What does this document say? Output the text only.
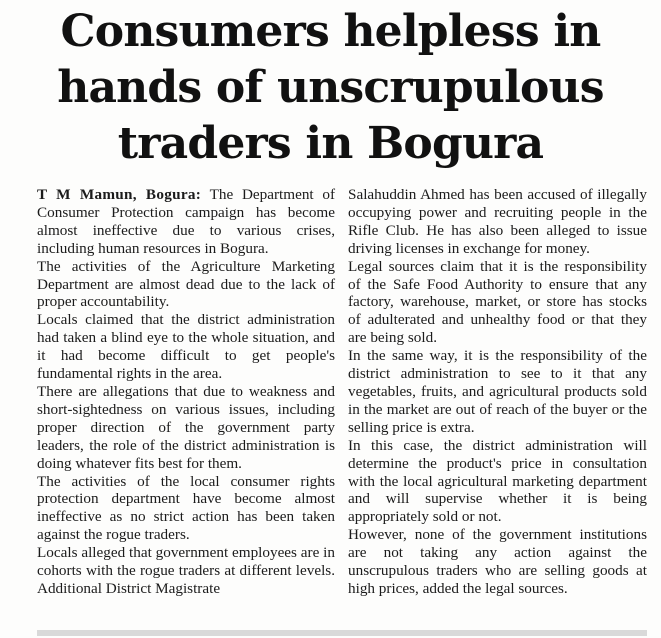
Consumers helpless in
hands of unscrupulous
traders in Bogura

T M Mamun, Bogura: The Department of Consumer Protection campaign has become almost ineffective due to various crises, including human resources in Bogura.

The activities of the Agriculture Marketing Department are almost dead due to the lack of proper accountability.

Locals claimed that the district administration had taken a blind eye to the whole situation, and it had become difficult to get people's fundamental rights in the area.

There are allegations that due to weakness and short-sightedness on various issues, including proper direction of the government party leaders, the role of the district administration is doing whatever fits best for them.

The activities of the local consumer rights protection department have become almost ineffective as no strict action has been taken against the rogue traders.

Locals alleged that government employees are in cohorts with the rogue traders at different levels. Additional District Magistrate

Salahuddin Ahmed has been accused of illegally occupying power and recruiting people in the Rifle Club. He has also been alleged to issue driving licenses in exchange for money.

Legal sources claim that it is the responsibility of the Safe Food Authority to ensure that any factory, warehouse, market, or store has stocks of adulterated and unhealthy food or that they are being sold.

In the same way, it is the responsibility of the district administration to see to it that any vegetables, fruits, and agricultural products sold in the market are out of reach of the buyer or the selling price is extra.

In this case, the district administration will determine the product's price in consultation with the local agricultural marketing department and will supervise whether it is being appropriately sold or not.

However, none of the government institutions are not taking any action against the unscrupulous traders who are selling goods at high prices, added the legal sources.
